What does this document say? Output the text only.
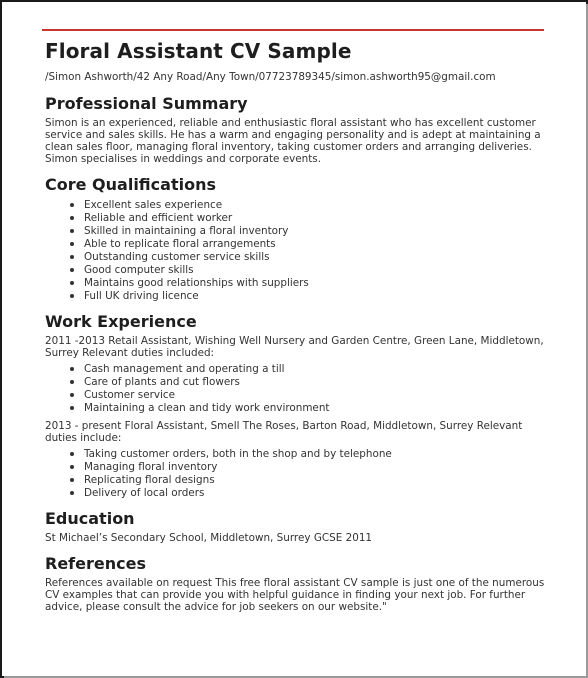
Floral Assistant CV Sample
/Simon Ashworth/42 Any Road/Any Town/07723789345/simon.ashworth95@gmail.com
Professional Summary

Simon is an experienced, reliable and enthusiastic floral assistant who has excellent customer service and sales skills. He has a warm and engaging personality and is adept at maintaining a clean sales floor, managing floral inventory, taking customer orders and arranging deliveries. Simon specialises in weddings and corporate events.

Core Qualifications
• Excellent sales experience
• Reliable and efficient worker
• Skilled in maintaining a floral inventory
• Able to replicate floral arrangements
• Outstanding customer service skills
• Good computer skills
• Maintains good relationships with suppliers
• Full UK driving licence
Work Experience

2011 -2013 Retail Assistant, Wishing Well Nursery and Garden Centre, Green Lane, Middletown, Surrey Relevant duties included:

• Cash management and operating a till
• Care of plants and cut flowers
• Customer service
• Maintaining a clean and tidy work environment

2013 - present Floral Assistant, Smell The Roses, Barton Road, Middletown, Surrey Relevant duties include:

• Taking customer orders, both in the shop and by telephone
• Managing floral inventory
• Replicating floral designs
• Delivery of local orders
Education

St Michael’s Secondary School, Middletown, Surrey GCSE 2011

References

References available on request This free floral assistant CV sample is just one of the numerous CV examples that can provide you with helpful guidance in finding your next job. For further advice, please consult the advice for job seekers on our website."
